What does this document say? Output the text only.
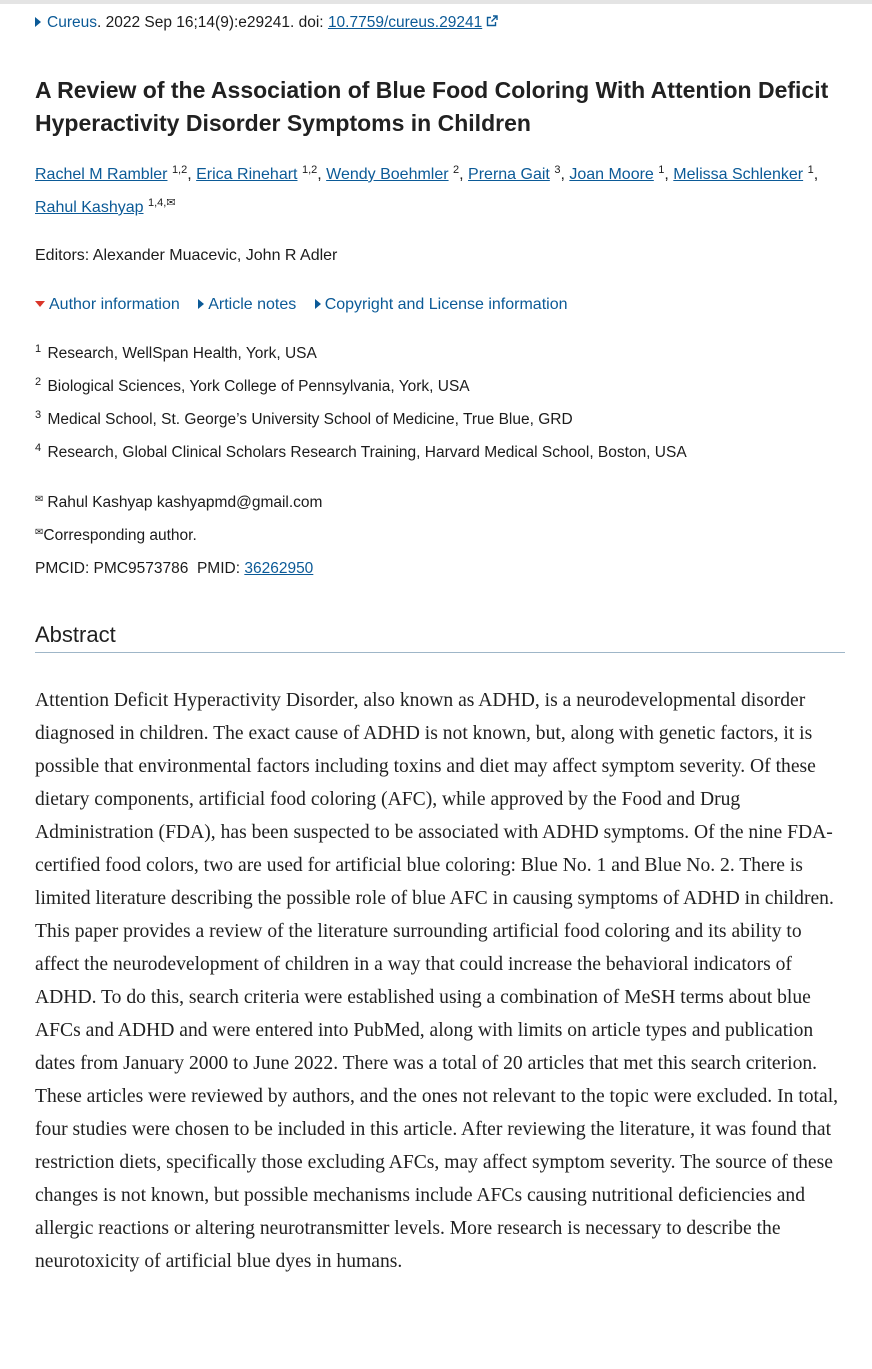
Cureus. 2022 Sep 16;14(9):e29241. doi: 10.7759/cureus.29241
A Review of the Association of Blue Food Coloring With Attention Deficit Hyperactivity Disorder Symptoms in Children
Rachel M Rambler $^{1,2}$, Erica Rinehart $^{1,2}$, Wendy Boehmler $^2$, Prerna Gait $^3$, Joan Moore $^1$, Melissa Schlenker $^1$,
Rahul Kashyap $^{1,4,✉}$
Editors: Alexander Muacevic, John R Adler
Author information Article notes Copyright and License information
$^1$ Research, WellSpan Health, York, USA
$^2$ Biological Sciences, York College of Pennsylvania, York, USA
$^3$ Medical School, St. George’s University School of Medicine, True Blue, GRD
$^4$ Research, Global Clinical Scholars Research Training, Harvard Medical School, Boston, USA
✉ Rahul Kashyap kashyapmd@gmail.com
✉Corresponding author.
PMCID: PMC9573786 PMID: 36262950
Abstract

Attention Deficit Hyperactivity Disorder, also known as ADHD, is a neurodevelopmental disorder diagnosed in children. The exact cause of ADHD is not known, but, along with genetic factors, it is possible that environmental factors including toxins and diet may affect symptom severity. Of these dietary components, artificial food coloring (AFC), while approved by the Food and Drug Administration (FDA), has been suspected to be associated with ADHD symptoms. Of the nine FDA-certified food colors, two are used for artificial blue coloring: Blue No. 1 and Blue No. 2. There is limited literature describing the possible role of blue AFC in causing symptoms of ADHD in children. This paper provides a review of the literature surrounding artificial food coloring and its ability to affect the neurodevelopment of children in a way that could increase the behavioral indicators of ADHD. To do this, search criteria were established using a combination of MeSH terms about blue AFCs and ADHD and were entered into PubMed, along with limits on article types and publication dates from January 2000 to June 2022. There was a total of 20 articles that met this search criterion. These articles were reviewed by authors, and the ones not relevant to the topic were excluded. In total, four studies were chosen to be included in this article. After reviewing the literature, it was found that restriction diets, specifically those excluding AFCs, may affect symptom severity. The source of these changes is not known, but possible mechanisms include AFCs causing nutritional deficiencies and allergic reactions or altering neurotransmitter levels. More research is necessary to describe the neurotoxicity of artificial blue dyes in humans.
